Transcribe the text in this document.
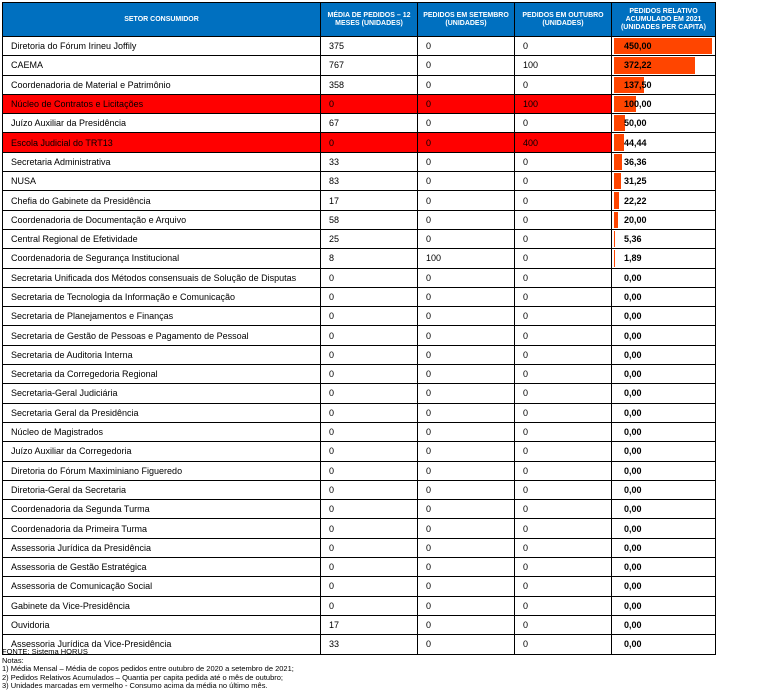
SETOR CONSUMIDOR	MÉDIA DE PEDIDOS – 12 MESES (UNIDADES)	PEDIDOS EM SETEMBRO (UNIDADES)	PEDIDOS EM OUTUBRO (UNIDADES)	PEDIDOS RELATIVO ACUMULADO EM 2021 (UNIDADES PER CAPITA)
Diretoria do Fórum Irineu Joffily	375	0	0	450,00
CAEMA	767	0	100	372,22
Coordenadoria de Material e Patrimônio	358	0	0	137,50
Núcleo de Contratos e Licitações	0	0	100	100,00
Juízo Auxiliar da Presidência	67	0	0	50,00
Escola Judicial do TRT13	0	0	400	44,44
Secretaria Administrativa	33	0	0	36,36
NUSA	83	0	0	31,25
Chefia do Gabinete da Presidência	17	0	0	22,22
Coordenadoria de Documentação e Arquivo	58	0	0	20,00
Central Regional de Efetividade	25	0	0	5,36
Coordenadoria de Segurança Institucional	8	100	0	1,89
Secretaria Unificada dos Métodos consensuais de Solução de Disputas	0	0	0	0,00
Secretaria de Tecnologia da Informação e Comunicação	0	0	0	0,00
Secretaria de Planejamentos e Finanças	0	0	0	0,00
Secretaria de Gestão de Pessoas e Pagamento de Pessoal	0	0	0	0,00
Secretaria de Auditoria Interna	0	0	0	0,00
Secretaria da Corregedoria Regional	0	0	0	0,00
Secretaria-Geral Judiciária	0	0	0	0,00
Secretaria Geral da Presidência	0	0	0	0,00
Núcleo de Magistrados	0	0	0	0,00
Juízo Auxiliar da Corregedoria	0	0	0	0,00
Diretoria do Fórum Maximiniano Figueredo	0	0	0	0,00
Diretoria-Geral da Secretaria	0	0	0	0,00
Coordenadoria da Segunda Turma	0	0	0	0,00
Coordenadoria da Primeira Turma	0	0	0	0,00
Assessoria Jurídica da Presidência	0	0	0	0,00
Assessoria de Gestão Estratégica	0	0	0	0,00
Assessoria de Comunicação Social	0	0	0	0,00
Gabinete da Vice-Presidência	0	0	0	0,00
Ouvidoria	17	0	0	0,00
Assessoria Jurídica da Vice-Presidência	33	0	0	0,00
FONTE: Sistema HORUS
Notas:
1) Média Mensal – Média de copos pedidos entre outubro de 2020 a setembro de 2021;
2) Pedidos Relativos Acumulados – Quantia per capita pedida até o mês de outubro;
3) Unidades marcadas em vermelho - Consumo acima da média no último mês.
